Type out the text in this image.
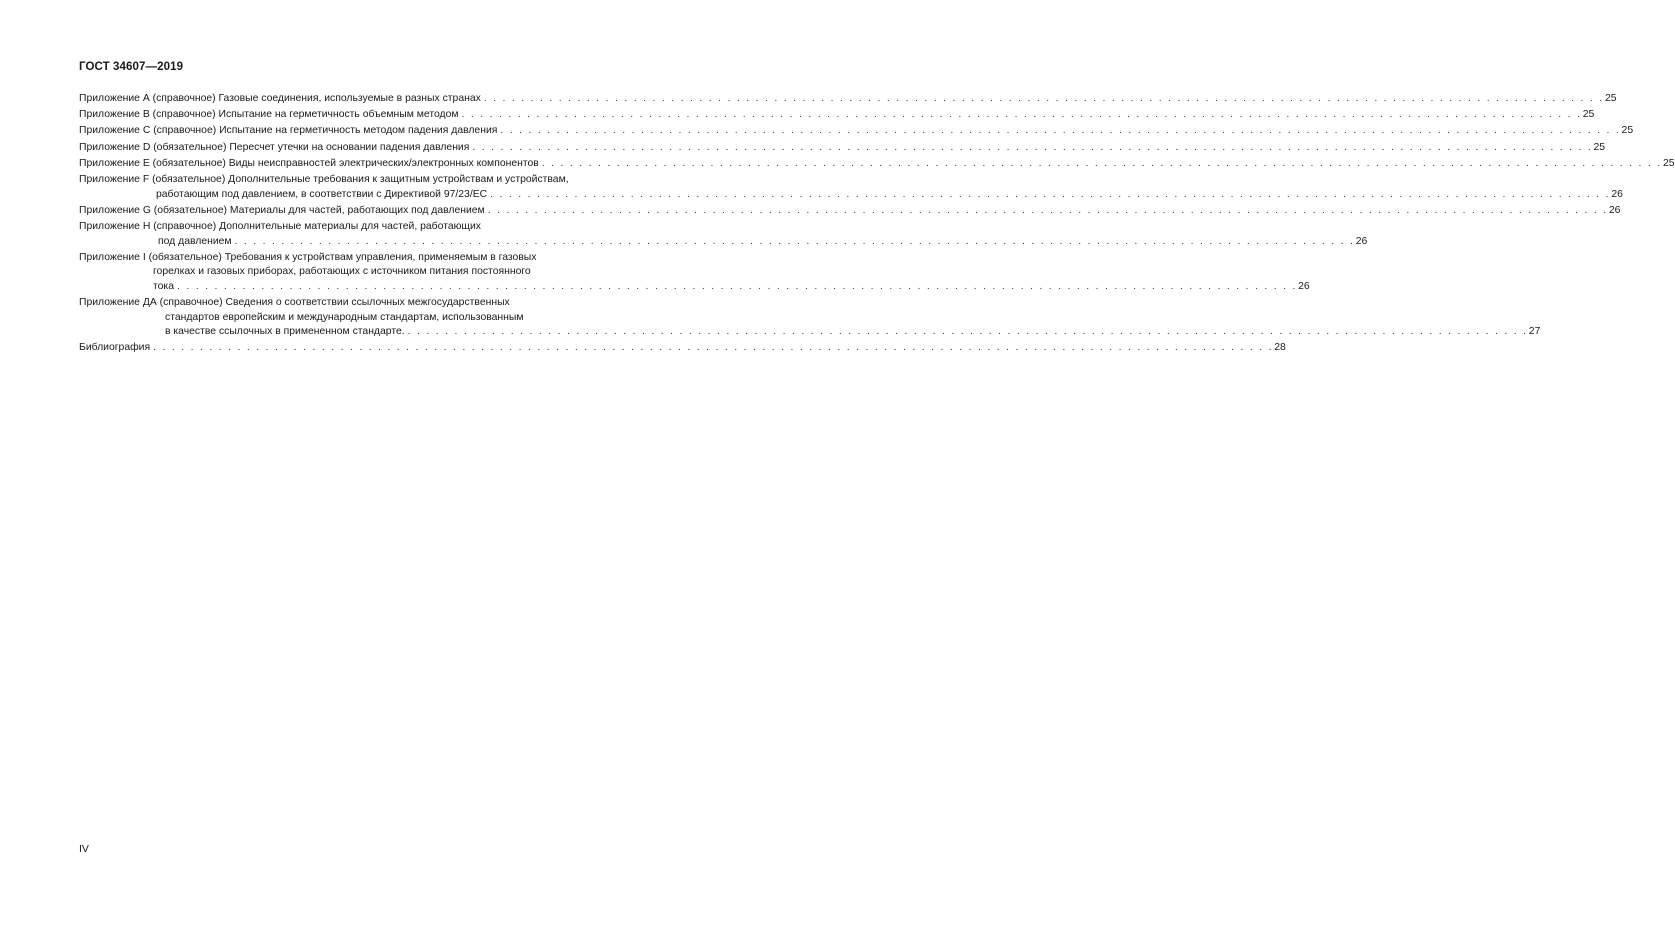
ГОСТ 34607—2019
Приложение А (справочное) Газовые соединения, используемые в разных странах . . . . . . . . . . . . . . . . . . . . . . . . . . . . . . . . . . . . . . . . . . . . . . . . . . . . . . . . . . . . . . . . . . . . . . . . . . . . . . . . . . . . . . . . . . . . . . . . . . . . . . . . . . . . . . . . . . . . . . . . 25
Приложение В (справочное) Испытание на герметичность объемным методом . . . . . . . . . . . . . . . . . . . . . . . . . . . . . . . . . . . . . . . . . . . . . . . . . . . . . . . . . . . . . . . . . . . . . . . . . . . . . . . . . . . . . . . . . . . . . . . . . . . . . . . . . . . . . . . . . . . . . . . . 25
Приложение С (справочное) Испытание на герметичность методом падения давления . . . . . . . . . . . . . . . . . . . . . . . . . . . . . . . . . . . . . . . . . . . . . . . . . . . . . . . . . . . . . . . . . . . . . . . . . . . . . . . . . . . . . . . . . . . . . . . . . . . . . . . . . . . . . . . . . . . . . . . . 25
Приложение D (обязательное) Пересчет утечки на основании падения давления . . . . . . . . . . . . . . . . . . . . . . . . . . . . . . . . . . . . . . . . . . . . . . . . . . . . . . . . . . . . . . . . . . . . . . . . . . . . . . . . . . . . . . . . . . . . . . . . . . . . . . . . . . . . . . . . . . . . . . . . 25
Приложение Е (обязательное) Виды неисправностей электрических/электронных компонентов . . . . . . . . . . . . . . . . . . . . . . . . . . . . . . . . . . . . . . . . . . . . . . . . . . . . . . . . . . . . . . . . . . . . . . . . . . . . . . . . . . . . . . . . . . . . . . . . . . . . . . . . . . . . . . . . . . . . . . . . 25
Приложение F (обязательное) Дополнительные требования к защитным устройствам и устройствам,
работающим под давлением, в соответствии с Директивой 97/23/EC . . . . . . . . . . . . . . . . . . . . . . . . . . . . . . . . . . . . . . . . . . . . . . . . . . . . . . . . . . . . . . . . . . . . . . . . . . . . . . . . . . . . . . . . . . . . . . . . . . . . . . . . . . . . . . . . . . . . . . . . 26
Приложение G (обязательное) Материалы для частей, работающих под давлением . . . . . . . . . . . . . . . . . . . . . . . . . . . . . . . . . . . . . . . . . . . . . . . . . . . . . . . . . . . . . . . . . . . . . . . . . . . . . . . . . . . . . . . . . . . . . . . . . . . . . . . . . . . . . . . . . . . . . . . . 26
Приложение Н (справочное) Дополнительные материалы для частей, работающих
под давлением . . . . . . . . . . . . . . . . . . . . . . . . . . . . . . . . . . . . . . . . . . . . . . . . . . . . . . . . . . . . . . . . . . . . . . . . . . . . . . . . . . . . . . . . . . . . . . . . . . . . . . . . . . . . . . . . . . . . . . . . 26
Приложение I (обязательное) Требования к устройствам управления, применяемым в газовых
горелках и газовых приборах, работающих с источником питания постоянного
тока . . . . . . . . . . . . . . . . . . . . . . . . . . . . . . . . . . . . . . . . . . . . . . . . . . . . . . . . . . . . . . . . . . . . . . . . . . . . . . . . . . . . . . . . . . . . . . . . . . . . . . . . . . . . . . . . . . . . . . . . 26
Приложение ДА (справочное) Сведения о соответствии ссылочных межгосударственных
стандартов европейским и международным стандартам, использованным
в качестве ссылочных в примененном стандарте. . . . . . . . . . . . . . . . . . . . . . . . . . . . . . . . . . . . . . . . . . . . . . . . . . . . . . . . . . . . . . . . . . . . . . . . . . . . . . . . . . . . . . . . . . . . . . . . . . . . . . . . . . . . . . . . . . . . . . . . . 27
Библиография . . . . . . . . . . . . . . . . . . . . . . . . . . . . . . . . . . . . . . . . . . . . . . . . . . . . . . . . . . . . . . . . . . . . . . . . . . . . . . . . . . . . . . . . . . . . . . . . . . . . . . . . . . . . . . . . . . . . . . . . 28
IV
